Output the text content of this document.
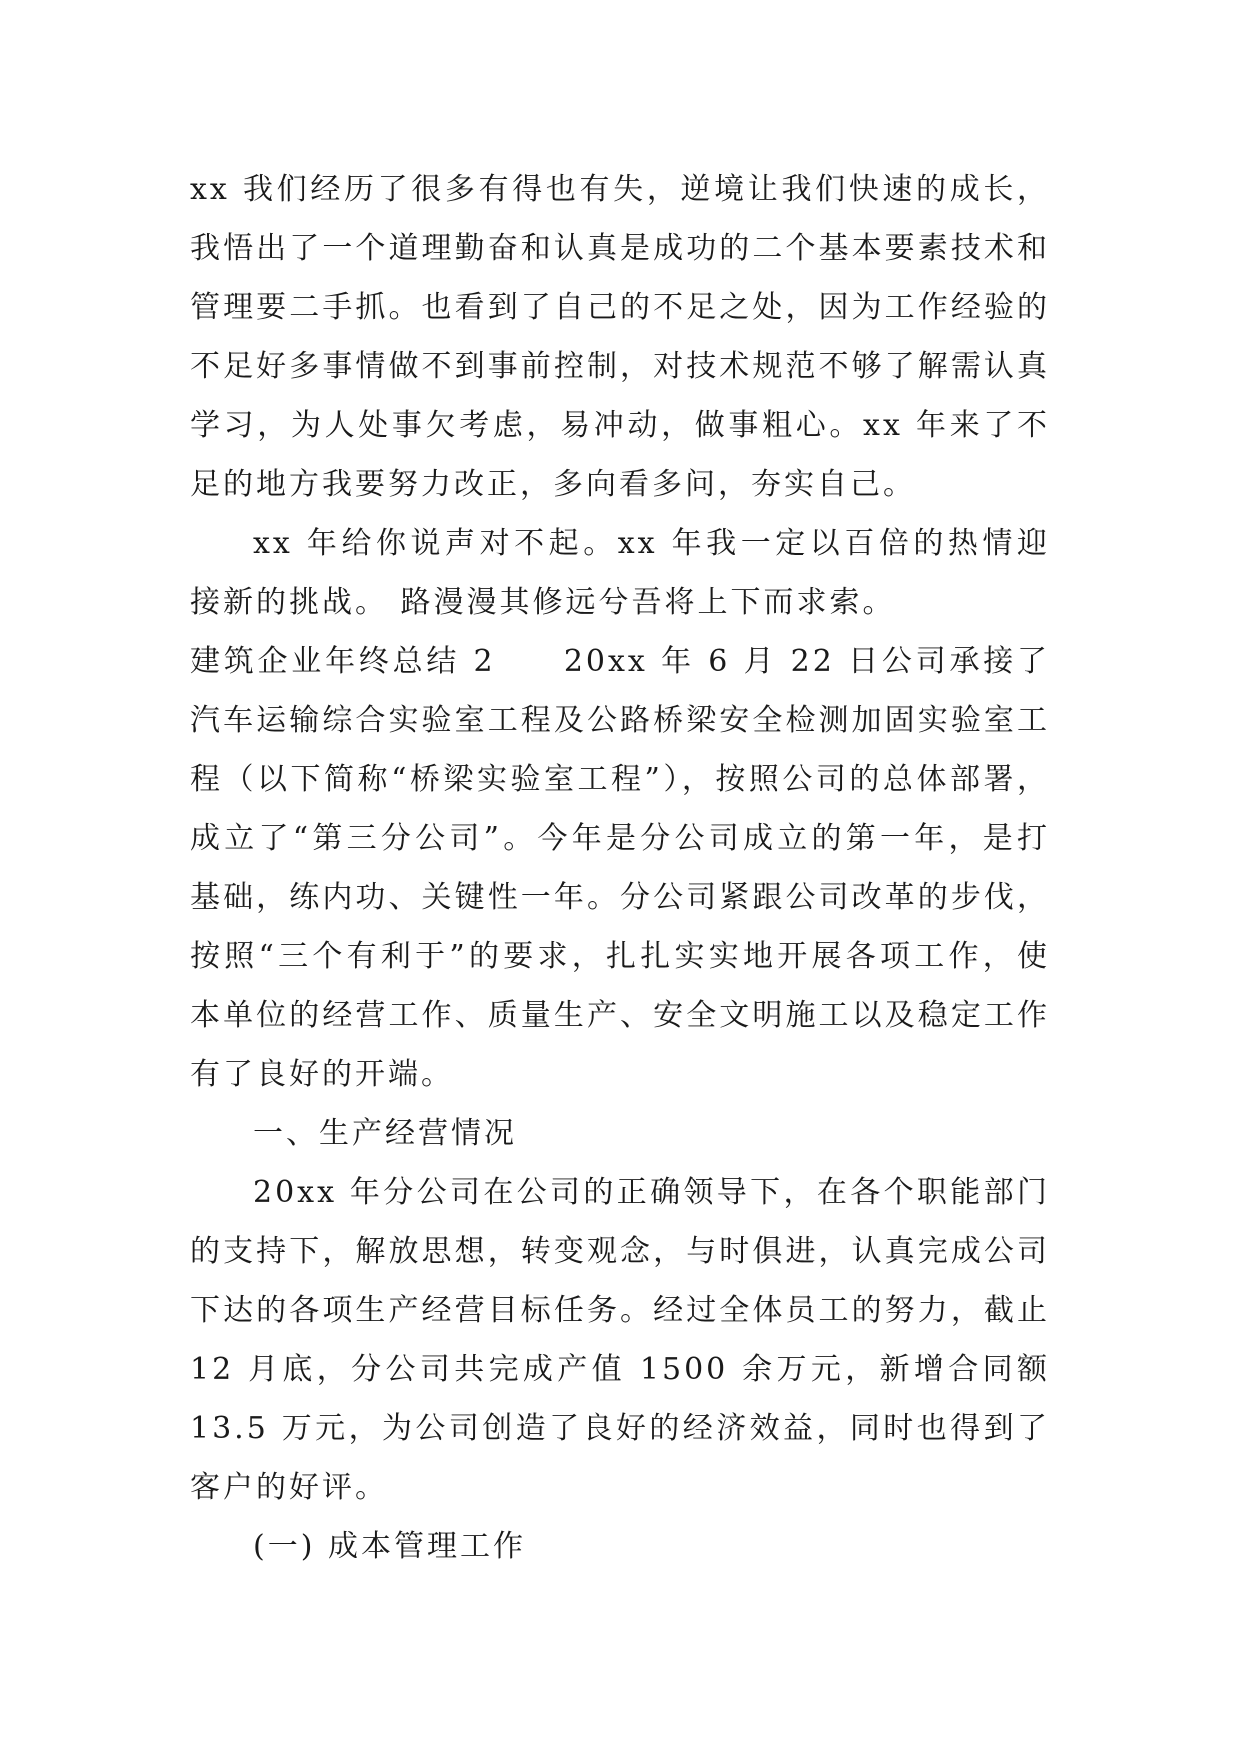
xx 我们经历了很多有得也有失，逆境让我们快速的成长，我悟出了一个道理勤奋和认真是成功的二个基本要素技术和管理要二手抓。也看到了自己的不足之处，因为工作经验的不足好多事情做不到事前控制，对技术规范不够了解需认真学习，为人处事欠考虑，易冲动，做事粗心。xx 年来了不足的地方我要努力改正，多向看多问，夯实自己。

xx 年给你说声对不起。xx 年我一定以百倍的热情迎接新的挑战。 路漫漫其修远兮吾将上下而求索。

建筑企业年终总结 2　　20xx 年 6 月 22 日公司承接了汽车运输综合实验室工程及公路桥梁安全检测加固实验室工程（以下简称“桥梁实验室工程”），按照公司的总体部署，成立了“第三分公司”。今年是分公司成立的第一年，是打基础，练内功、关键性一年。分公司紧跟公司改革的步伐，按照“三个有利于”的要求，扎扎实实地开展各项工作，使本单位的经营工作、质量生产、安全文明施工以及稳定工作有了良好的开端。

一、生产经营情况

20xx 年分公司在公司的正确领导下，在各个职能部门的支持下，解放思想，转变观念，与时俱进，认真完成公司下达的各项生产经营目标任务。经过全体员工的努力，截止 12 月底，分公司共完成产值 1500 余万元，新增合同额 13.5 万元，为公司创造了良好的经济效益，同时也得到了客户的好评。

(一) 成本管理工作
